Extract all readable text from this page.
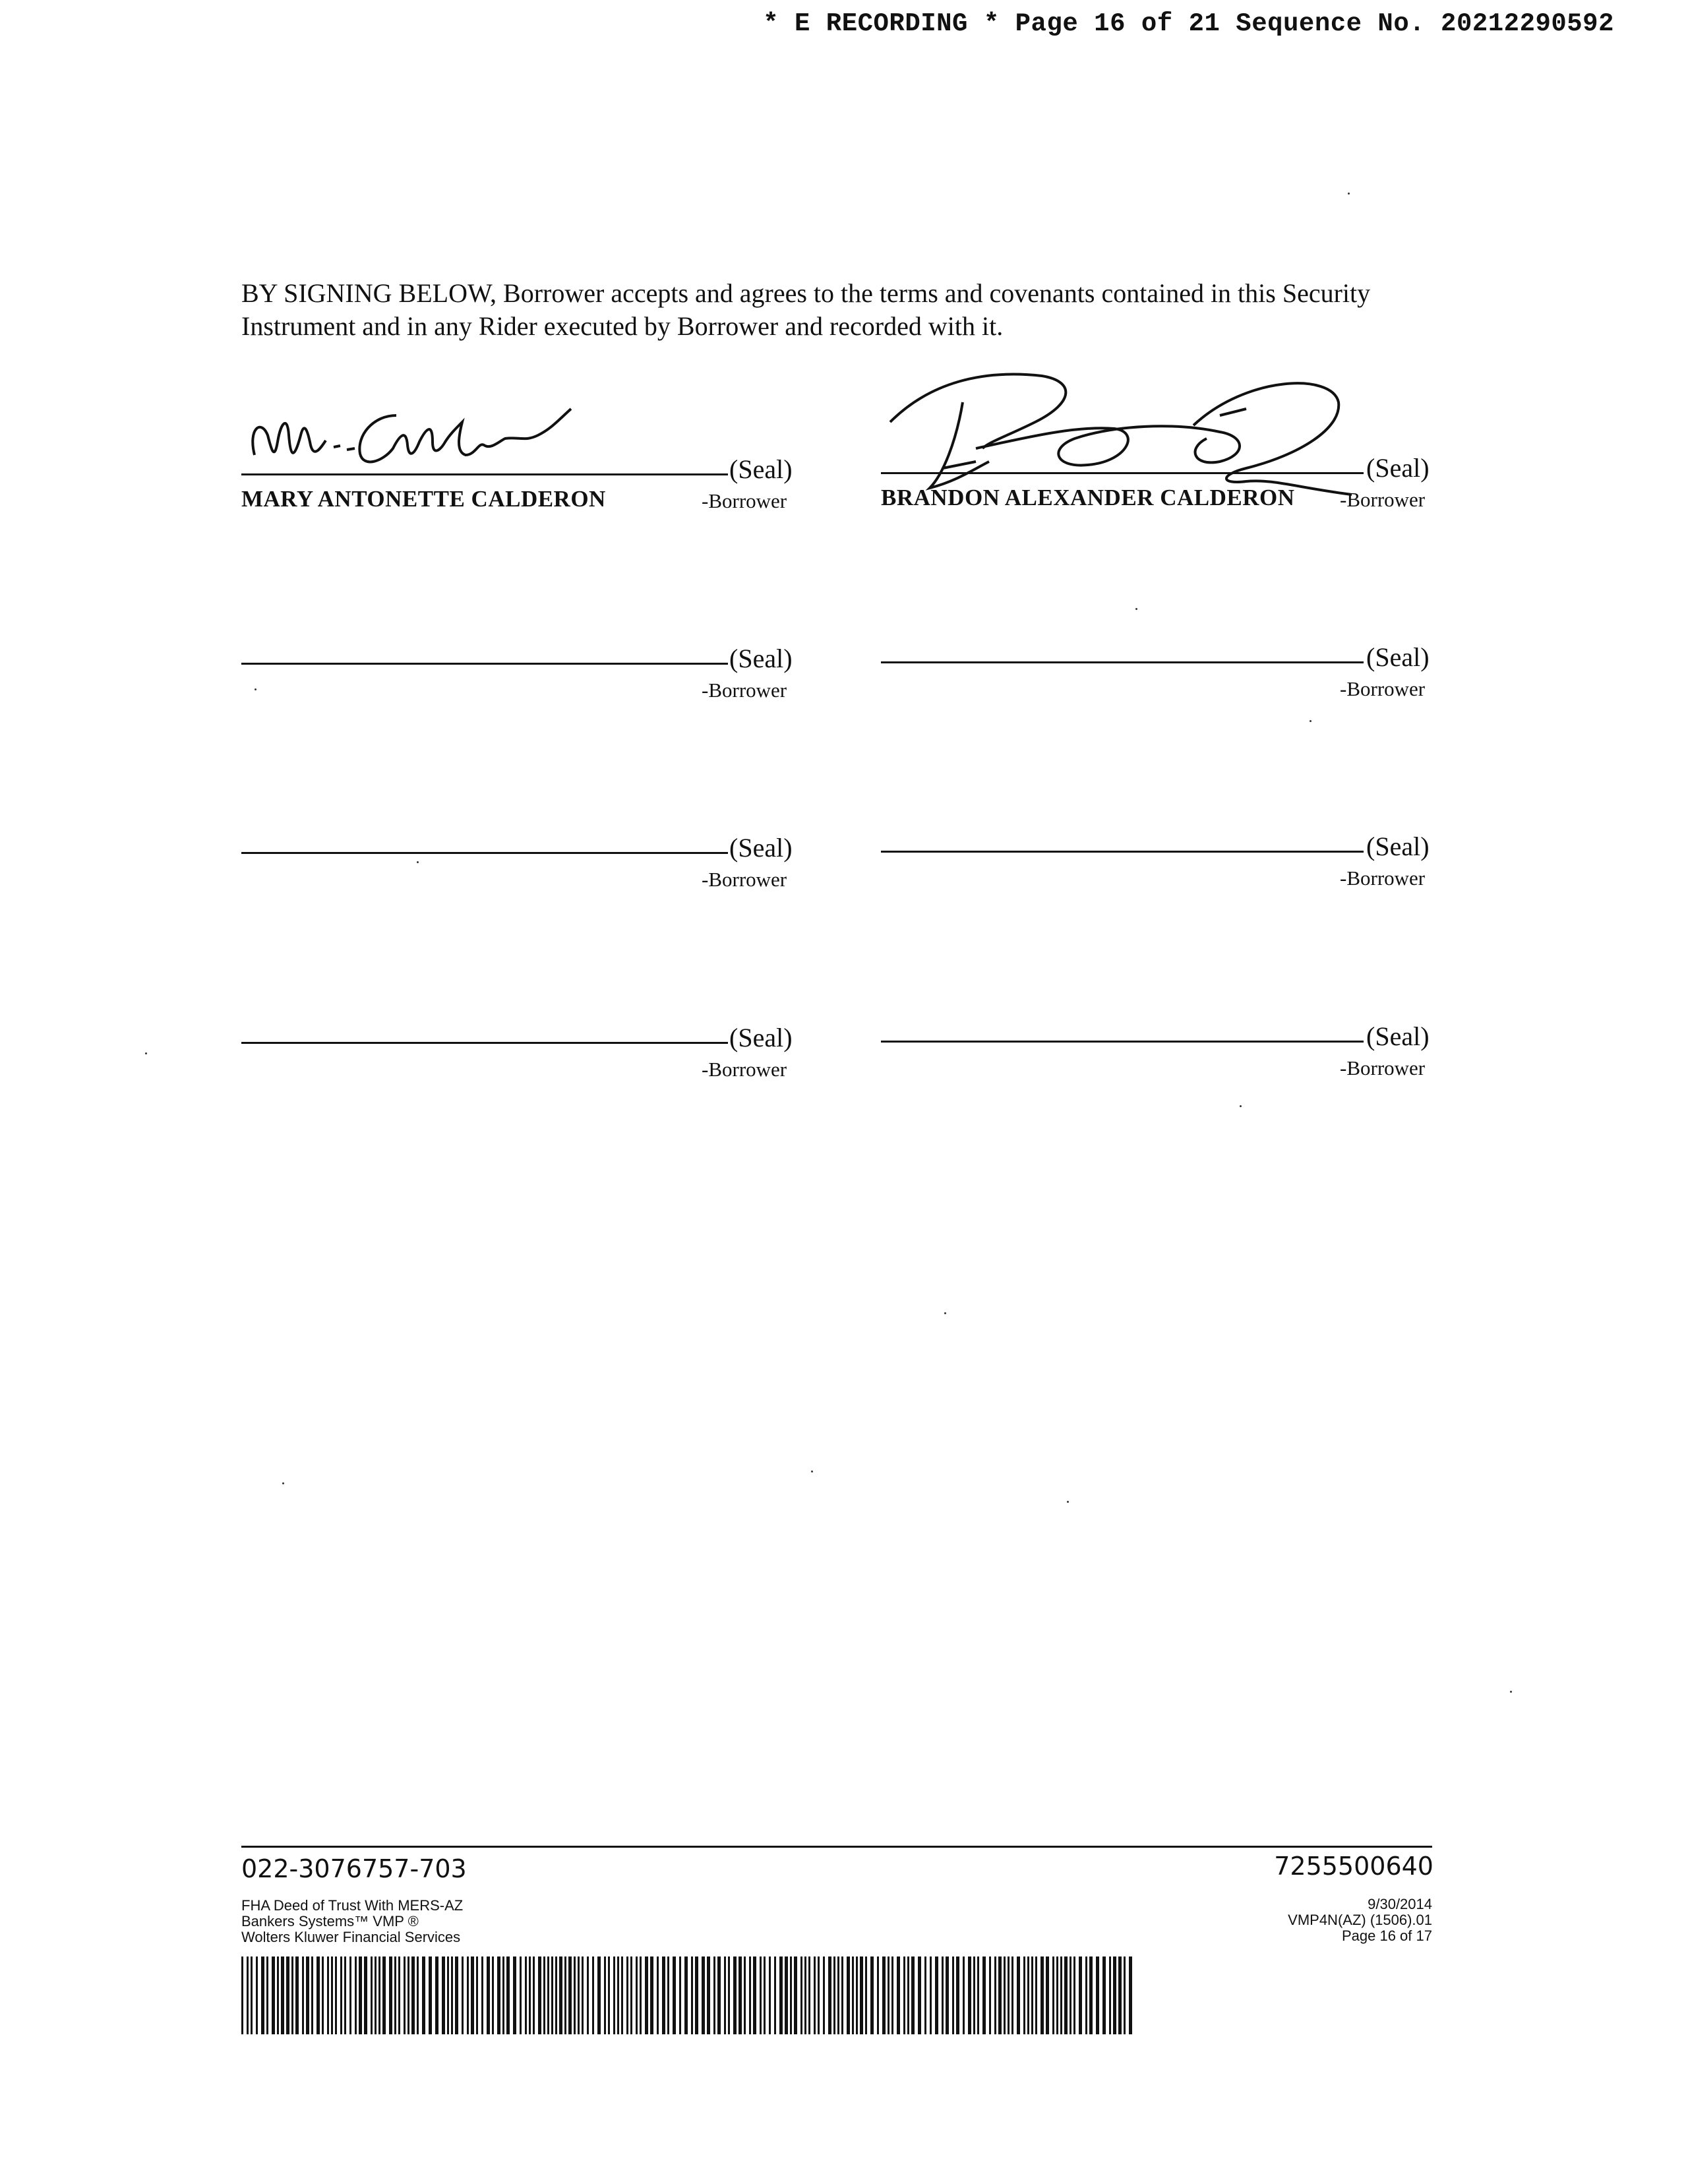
* E RECORDING * Page 16 of 21 Sequence No. 20212290592
BY SIGNING BELOW, Borrower accepts and agrees to the terms and covenants contained in this Security Instrument and in any Rider executed by Borrower and recorded with it.
(Seal)
MARY ANTONETTE CALDERON	-Borrower
(Seal)
BRANDON ALEXANDER CALDERON -Borrower
(Seal)
-Borrower
(Seal)
-Borrower
(Seal)
-Borrower
(Seal)
-Borrower
(Seal)
-Borrower
(Seal)
-Borrower
022-3076757-703	7255500640
FHA Deed of Trust With MERS-AZ
Bankers Systems™ VMP ®
Wolters Kluwer Financial Services
9/30/2014
VMP4N(AZ) (1506).01
Page 16 of 17
